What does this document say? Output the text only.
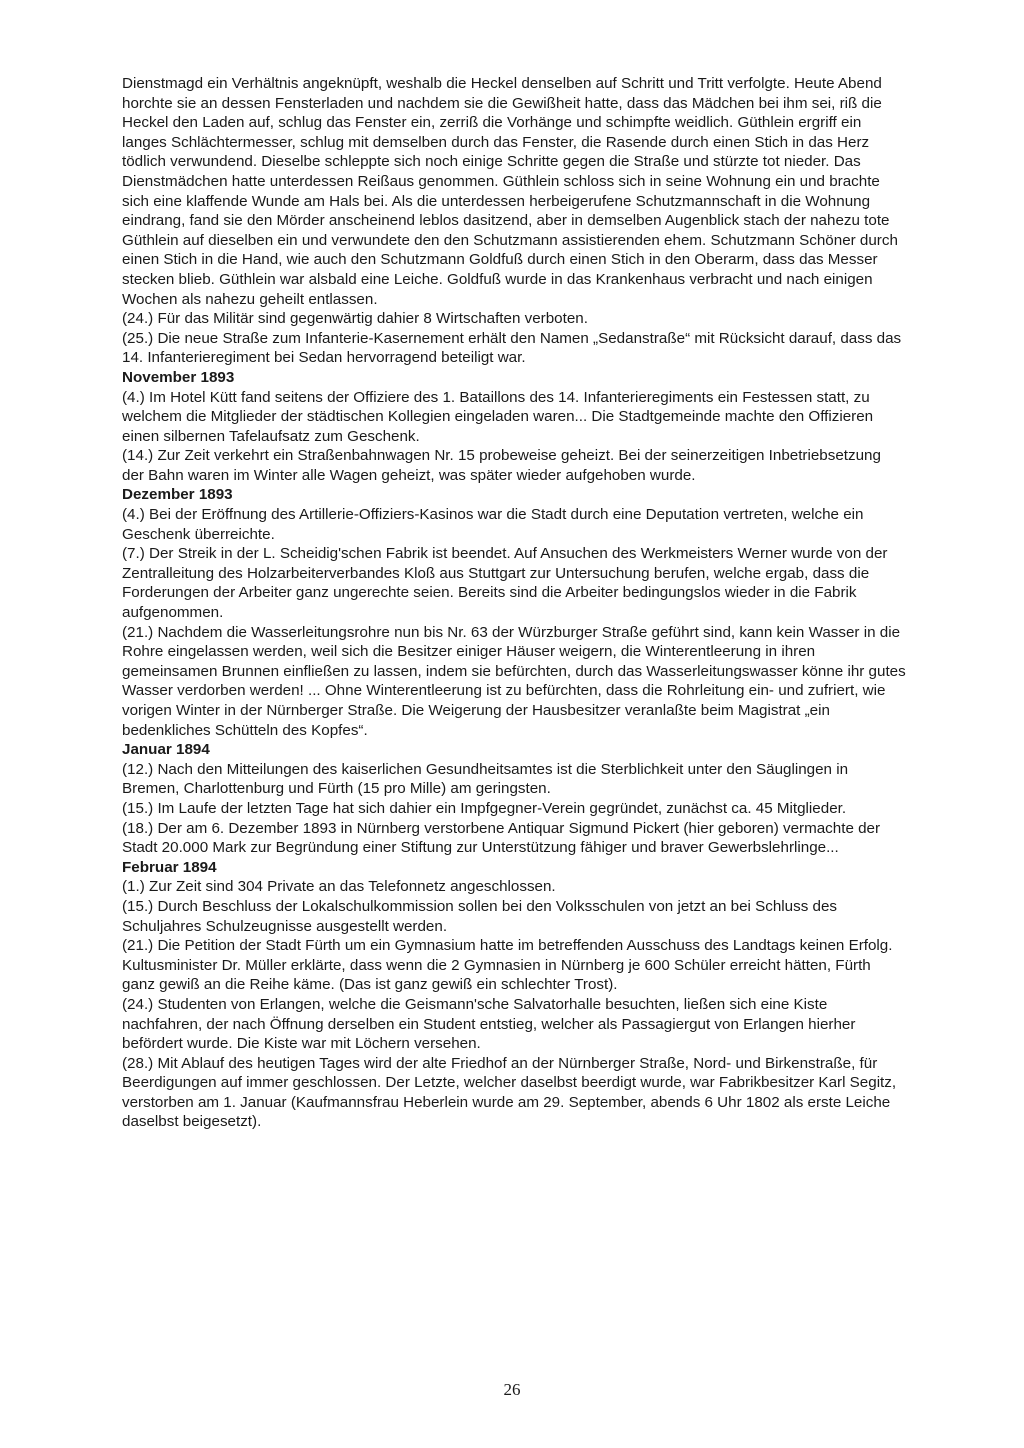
Dienstmagd ein Verhältnis angeknüpft, weshalb die Heckel denselben auf Schritt und Tritt verfolgte. Heute Abend horchte sie an dessen Fensterladen und nachdem sie die Gewißheit hatte, dass das Mädchen bei ihm sei, riß die Heckel den Laden auf, schlug das Fenster ein, zerriß die Vorhänge und schimpfte weidlich. Güthlein ergriff ein langes Schlächtermesser, schlug mit demselben durch das Fenster, die Rasende durch einen Stich in das Herz tödlich verwundend. Dieselbe schleppte sich noch einige Schritte gegen die Straße und stürzte tot nieder. Das Dienstmädchen hatte unterdessen Reißaus genommen. Güthlein schloss sich in seine Wohnung ein und brachte sich eine klaffende Wunde am Hals bei. Als die unterdessen herbeigerufene Schutzmannschaft in die Wohnung eindrang, fand sie den Mörder anscheinend leblos dasitzend, aber in demselben Augenblick stach der nahezu tote Güthlein auf dieselben ein und verwundete den den Schutzmann assistierenden ehem. Schutzmann Schöner durch einen Stich in die Hand, wie auch den Schutzmann Goldfuß durch einen Stich in den Oberarm, dass das Messer stecken blieb. Güthlein war alsbald eine Leiche. Goldfuß wurde in das Krankenhaus verbracht und nach einigen Wochen als nahezu geheilt entlassen.

(24.) Für das Militär sind gegenwärtig dahier 8 Wirtschaften verboten.

(25.) Die neue Straße zum Infanterie-Kasernement erhält den Namen „Sedanstraße“ mit Rücksicht darauf, dass das 14. Infanterieregiment bei Sedan hervorragend beteiligt war.

November 1893

(4.) Im Hotel Kütt fand seitens der Offiziere des 1. Bataillons des 14. Infanterieregiments ein Festessen statt, zu welchem die Mitglieder der städtischen Kollegien eingeladen waren... Die Stadtgemeinde machte den Offizieren einen silbernen Tafelaufsatz zum Geschenk.

(14.) Zur Zeit verkehrt ein Straßenbahnwagen Nr. 15 probeweise geheizt. Bei der seinerzeitigen Inbetriebsetzung der Bahn waren im Winter alle Wagen geheizt, was später wieder aufgehoben wurde.

Dezember 1893

(4.) Bei der Eröffnung des Artillerie-Offiziers-Kasinos war die Stadt durch eine Deputation vertreten, welche ein Geschenk überreichte.

(7.) Der Streik in der L. Scheidig'schen Fabrik ist beendet. Auf Ansuchen des Werkmeisters Werner wurde von der Zentralleitung des Holzarbeiterverbandes Kloß aus Stuttgart zur Untersuchung berufen, welche ergab, dass die Forderungen der Arbeiter ganz ungerechte seien. Bereits sind die Arbeiter bedingungslos wieder in die Fabrik aufgenommen.

(21.) Nachdem die Wasserleitungsrohre nun bis Nr. 63 der Würzburger Straße geführt sind, kann kein Wasser in die Rohre eingelassen werden, weil sich die Besitzer einiger Häuser weigern, die Winterentleerung in ihren gemeinsamen Brunnen einfließen zu lassen, indem sie befürchten, durch das Wasserleitungswasser könne ihr gutes Wasser verdorben werden! ... Ohne Winterentleerung ist zu befürchten, dass die Rohrleitung ein- und zufriert, wie vorigen Winter in der Nürnberger Straße. Die Weigerung der Hausbesitzer veranlaßte beim Magistrat „ein bedenkliches Schütteln des Kopfes“.

Januar 1894

(12.) Nach den Mitteilungen des kaiserlichen Gesundheitsamtes ist die Sterblichkeit unter den Säuglingen in Bremen, Charlottenburg und Fürth (15 pro Mille) am geringsten.

(15.) Im Laufe der letzten Tage hat sich dahier ein Impfgegner-Verein gegründet, zunächst ca. 45 Mitglieder.

(18.) Der am 6. Dezember 1893 in Nürnberg verstorbene Antiquar Sigmund Pickert (hier geboren) vermachte der Stadt 20.000 Mark zur Begründung einer Stiftung zur Unterstützung fähiger und braver Gewerbslehrlinge...

Februar 1894

(1.) Zur Zeit sind 304 Private an das Telefonnetz angeschlossen.

(15.) Durch Beschluss der Lokalschulkommission sollen bei den Volksschulen von jetzt an bei Schluss des Schuljahres Schulzeugnisse ausgestellt werden.

(21.) Die Petition der Stadt Fürth um ein Gymnasium hatte im betreffenden Ausschuss des Landtags keinen Erfolg. Kultusminister Dr. Müller erklärte, dass wenn die 2 Gymnasien in Nürnberg je 600 Schüler erreicht hätten, Fürth ganz gewiß an die Reihe käme. (Das ist ganz gewiß ein schlechter Trost).

(24.) Studenten von Erlangen, welche die Geismann'sche Salvatorhalle besuchten, ließen sich eine Kiste nachfahren, der nach Öffnung derselben ein Student entstieg, welcher als Passagiergut von Erlangen hierher befördert wurde. Die Kiste war mit Löchern versehen.

(28.) Mit Ablauf des heutigen Tages wird der alte Friedhof an der Nürnberger Straße, Nord- und Birkenstraße, für Beerdigungen auf immer geschlossen. Der Letzte, welcher daselbst beerdigt wurde, war Fabrikbesitzer Karl Segitz, verstorben am 1. Januar (Kaufmannsfrau Heberlein wurde am 29. September, abends 6 Uhr 1802 als erste Leiche daselbst beigesetzt).

26
